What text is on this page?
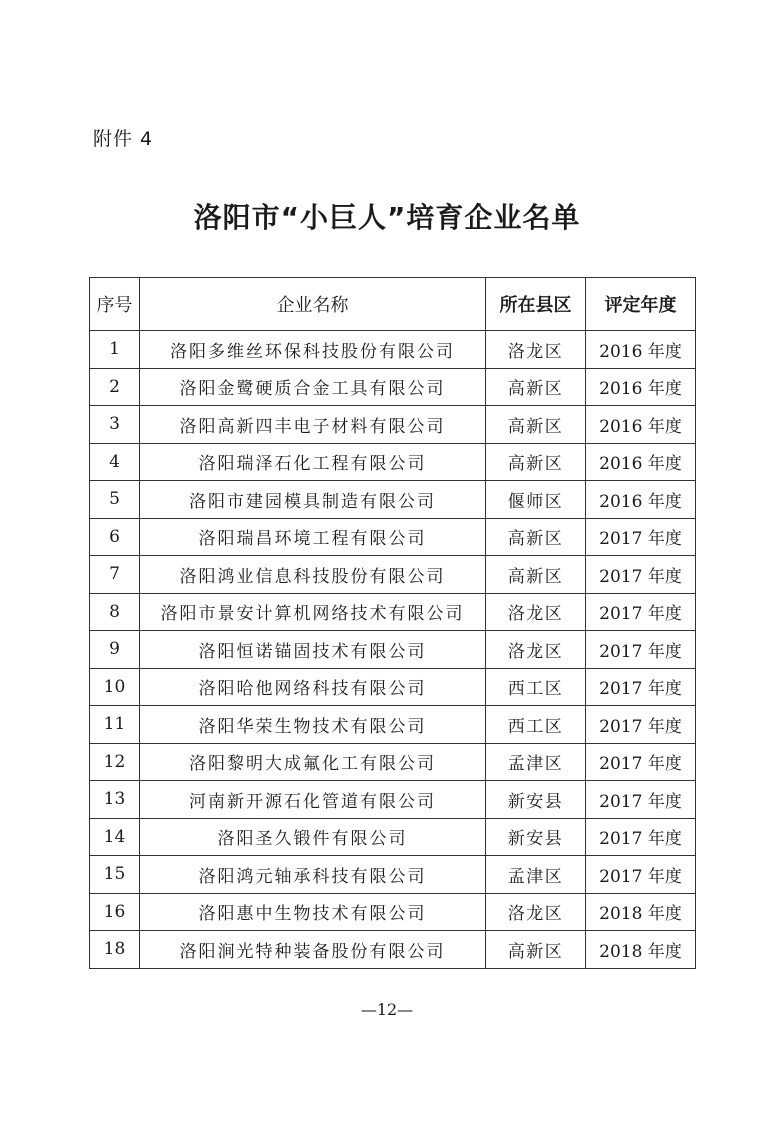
附件 4
洛阳市“小巨人”培育企业名单
序号	企业名称	所在县区	评定年度
1	洛阳多维丝环保科技股份有限公司	洛龙区	2016 年度
2	洛阳金鹭硬质合金工具有限公司	高新区	2016 年度
3	洛阳高新四丰电子材料有限公司	高新区	2016 年度
4	洛阳瑞泽石化工程有限公司	高新区	2016 年度
5	洛阳市建园模具制造有限公司	偃师区	2016 年度
6	洛阳瑞昌环境工程有限公司	高新区	2017 年度
7	洛阳鸿业信息科技股份有限公司	高新区	2017 年度
8	洛阳市景安计算机网络技术有限公司	洛龙区	2017 年度
9	洛阳恒诺锚固技术有限公司	洛龙区	2017 年度
10	洛阳哈他网络科技有限公司	西工区	2017 年度
11	洛阳华荣生物技术有限公司	西工区	2017 年度
12	洛阳黎明大成氟化工有限公司	孟津区	2017 年度
13	河南新开源石化管道有限公司	新安县	2017 年度
14	洛阳圣久锻件有限公司	新安县	2017 年度
15	洛阳鸿元轴承科技有限公司	孟津区	2017 年度
16	洛阳惠中生物技术有限公司	洛龙区	2018 年度
18	洛阳涧光特种装备股份有限公司	高新区	2018 年度
—12—
